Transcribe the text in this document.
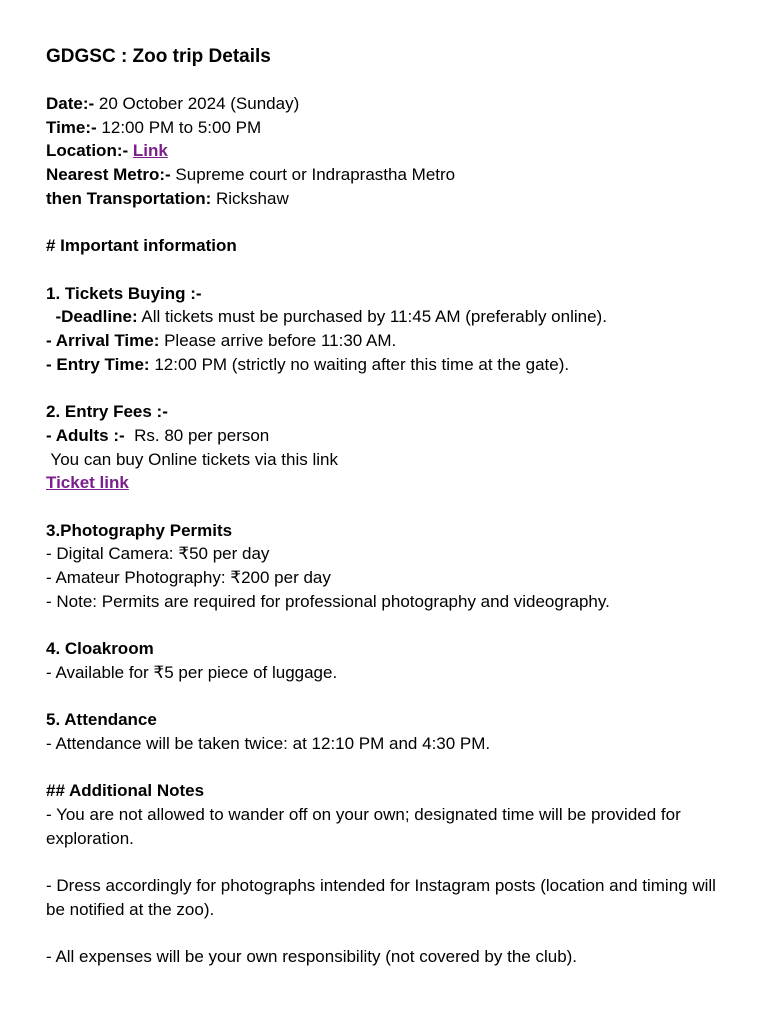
GDGSC : Zoo trip Details
Date:- 20 October 2024 (Sunday)
Time:- 12:00 PM to 5:00 PM
Location:- Link
Nearest Metro:- Supreme court or Indraprastha Metro
then Transportation: Rickshaw
# Important information
1. Tickets Buying :-
-Deadline: All tickets must be purchased by 11:45 AM (preferably online).
- Arrival Time: Please arrive before 11:30 AM.
- Entry Time: 12:00 PM (strictly no waiting after this time at the gate).
2. Entry Fees :-
- Adults :-  Rs. 80 per person
You can buy Online tickets via this link
Ticket link
3.Photography Permits
- Digital Camera: ₹50 per day
- Amateur Photography: ₹200 per day
- Note: Permits are required for professional photography and videography.
4. Cloakroom
- Available for ₹5 per piece of luggage.
5. Attendance
- Attendance will be taken twice: at 12:10 PM and 4:30 PM.
## Additional Notes
- You are not allowed to wander off on your own; designated time will be provided for exploration.
- Dress accordingly for photographs intended for Instagram posts (location and timing will be notified at the zoo).
- All expenses will be your own responsibility (not covered by the club).
